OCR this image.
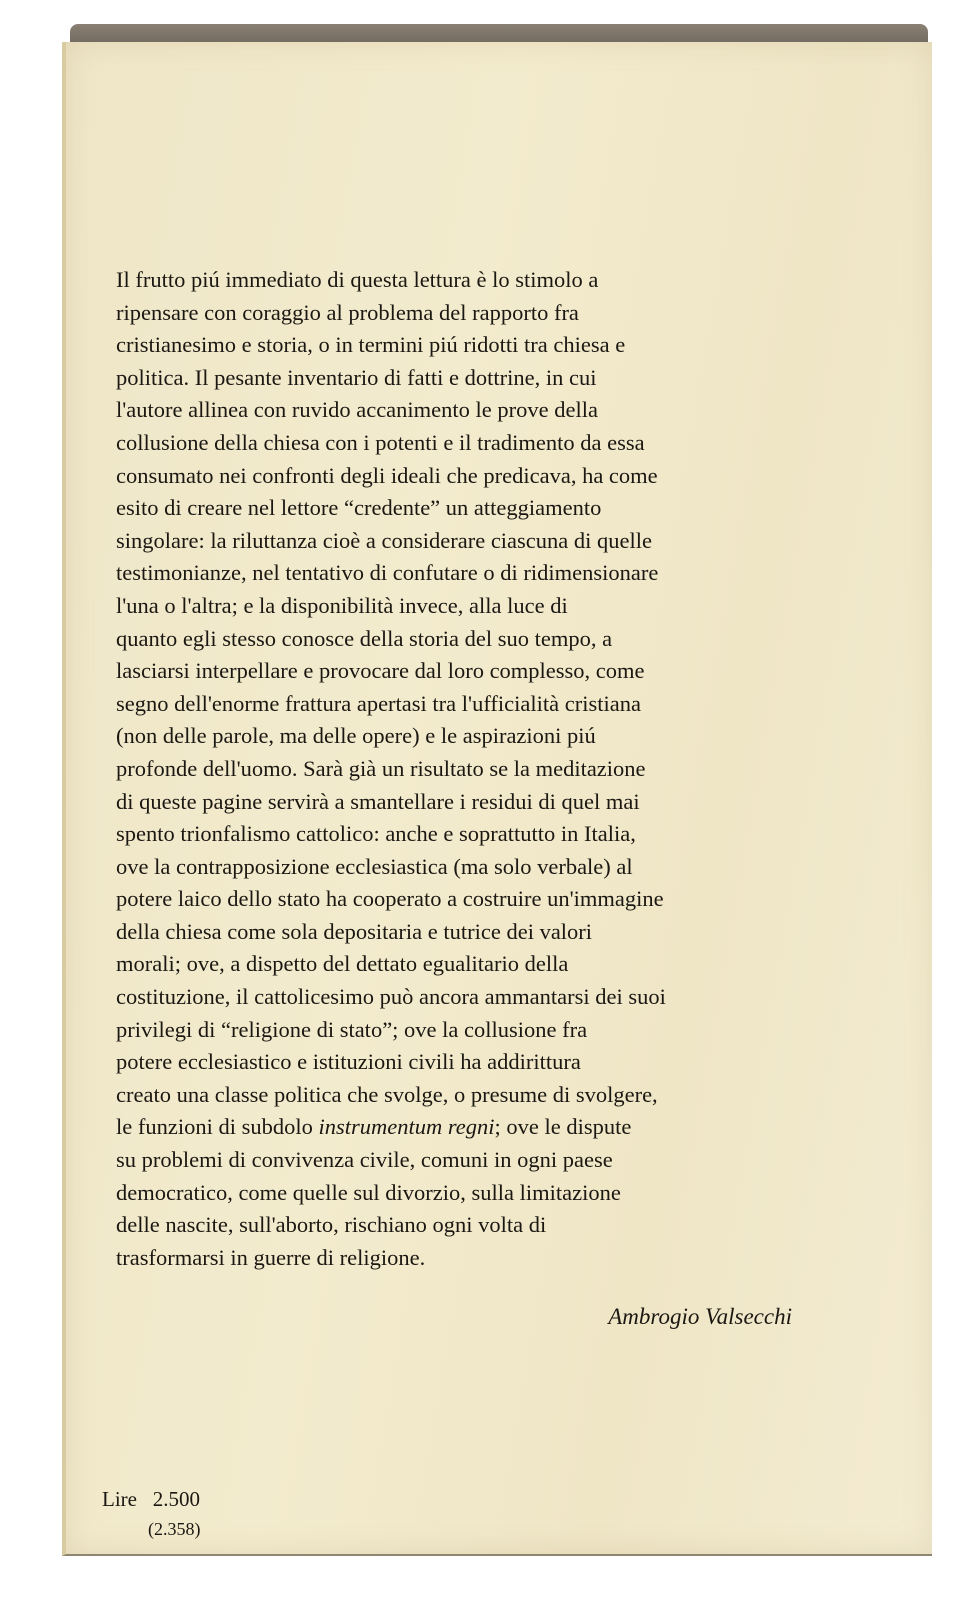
Il frutto piú immediato di questa lettura è lo stimolo a
ripensare con coraggio al problema del rapporto fra
cristianesimo e storia, o in termini piú ridotti tra chiesa e
politica. Il pesante inventario di fatti e dottrine, in cui
l'autore allinea con ruvido accanimento le prove della
collusione della chiesa con i potenti e il tradimento da essa
consumato nei confronti degli ideali che predicava, ha come
esito di creare nel lettore “credente” un atteggiamento
singolare: la riluttanza cioè a considerare ciascuna di quelle
testimonianze, nel tentativo di confutare o di ridimensionare
l'una o l'altra; e la disponibilità invece, alla luce di
quanto egli stesso conosce della storia del suo tempo, a
lasciarsi interpellare e provocare dal loro complesso, come
segno dell'enorme frattura apertasi tra l'ufficialità cristiana
(non delle parole, ma delle opere) e le aspirazioni piú
profonde dell'uomo. Sarà già un risultato se la meditazione
di queste pagine servirà a smantellare i residui di quel mai
spento trionfalismo cattolico: anche e soprattutto in Italia,
ove la contrapposizione ecclesiastica (ma solo verbale) al
potere laico dello stato ha cooperato a costruire un'immagine
della chiesa come sola depositaria e tutrice dei valori
morali; ove, a dispetto del dettato egualitario della
costituzione, il cattolicesimo può ancora ammantarsi dei suoi
privilegi di “religione di stato”; ove la collusione fra
potere ecclesiastico e istituzioni civili ha addirittura
creato una classe politica che svolge, o presume di svolgere,
le funzioni di subdolo instrumentum regni; ove le dispute
su problemi di convivenza civile, comuni in ogni paese
democratico, come quelle sul divorzio, sulla limitazione
delle nascite, sull'aborto, rischiano ogni volta di
trasformarsi in guerre di religione.
Ambrogio Valsecchi
Lire 2.500
(2.358)
